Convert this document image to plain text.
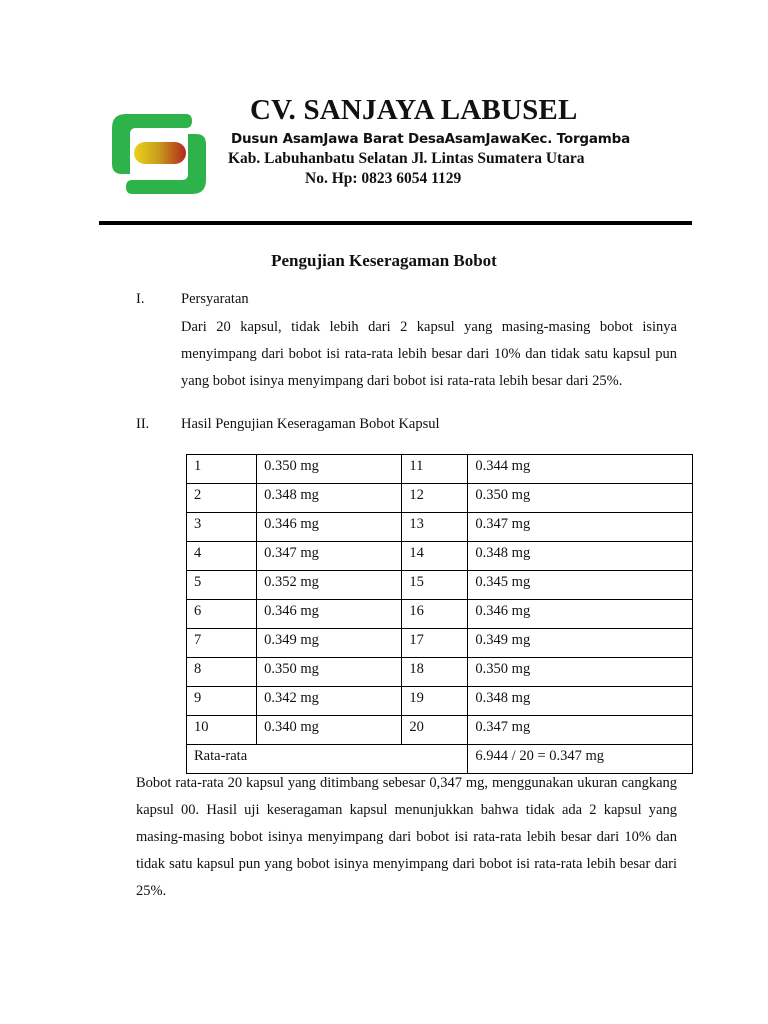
CV. SANJAYA LABUSEL
Dusun AsamJawa Barat DesaAsamJawaKec. Torgamba
Kab. Labuhanbatu Selatan Jl. Lintas Sumatera Utara
No. Hp: 0823 6054 1129
Pengujian Keseragaman Bobot
I.	Persyaratan
Dari 20 kapsul, tidak lebih dari 2 kapsul yang masing-masing bobot isinya menyimpang dari bobot isi rata-rata lebih besar dari 10% dan tidak satu kapsul pun yang bobot isinya menyimpang dari bobot isi rata-rata lebih besar dari 25%.
II. Hasil Pengujian Keseragaman Bobot Kapsul
1	0.350 mg	11	0.344 mg
2	0.348 mg	12	0.350 mg
3	0.346 mg	13	0.347 mg
4	0.347 mg	14	0.348 mg
5	0.352 mg	15	0.345 mg
6	0.346 mg	16	0.346 mg
7	0.349 mg	17	0.349 mg
8	0.350 mg	18	0.350 mg
9	0.342 mg	19	0.348 mg
10	0.340 mg	20	0.347 mg
Rata-rata			6.944 / 20 = 0.347 mg
Bobot rata-rata 20 kapsul yang ditimbang sebesar 0,347 mg, menggunakan ukuran cangkang kapsul 00. Hasil uji keseragaman kapsul menunjukkan bahwa tidak ada 2 kapsul yang masing-masing bobot isinya menyimpang dari bobot isi rata-rata lebih besar dari 10% dan tidak satu kapsul pun yang bobot isinya menyimpang dari bobot isi rata-rata lebih besar dari 25%.
